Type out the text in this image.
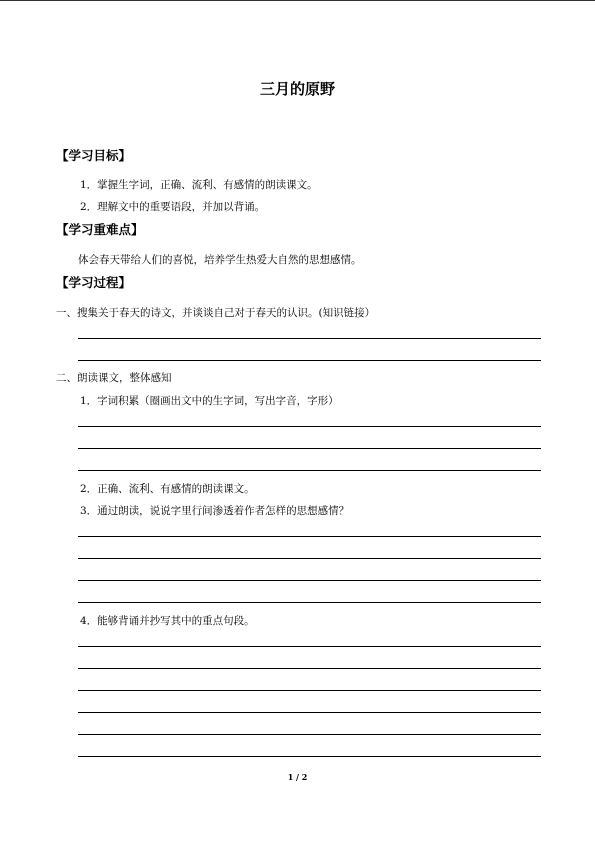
三月的原野
【学习目标】
1．掌握生字词，正确、流利、有感情的朗读课文。
2．理解文中的重要语段，并加以背诵。
【学习重难点】
体会春天带给人们的喜悦，培养学生热爱大自然的思想感情。
【学习过程】
一、搜集关于春天的诗文，并谈谈自己对于春天的认识。(知识链接）
二、朗读课文，整体感知
1．字词积累（圈画出文中的生字词，写出字音，字形）
2．正确、流利、有感情的朗读课文。
3．通过朗读，说说字里行间渗透着作者怎样的思想感情？
4．能够背诵并抄写其中的重点句段。
1 / 2
